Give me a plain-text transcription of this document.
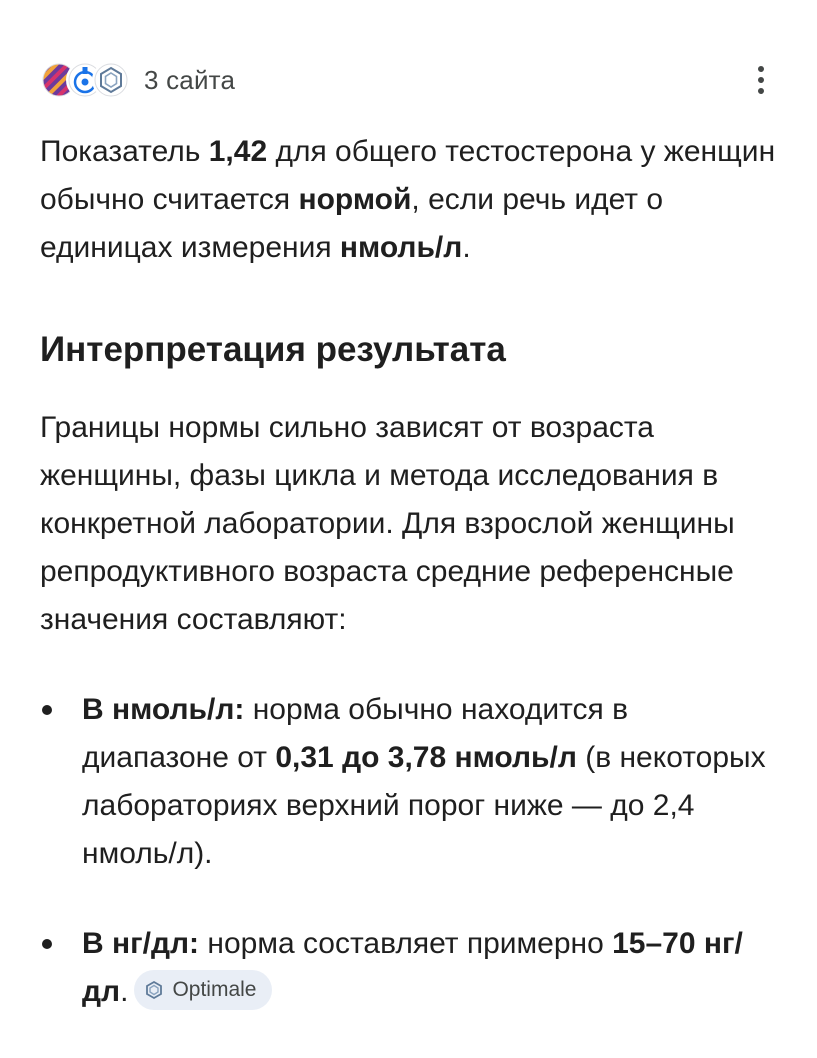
3 сайта

Показатель 1,42 для общего тестостерона у женщин обычно считается нормой, если речь идет о единицах измерения нмоль/л.

Интерпретация результата

Границы нормы сильно зависят от возраста женщины, фазы цикла и метода исследования в конкретной лаборатории. Для взрослой женщины репродуктивного возраста средние референсные значения составляют:

В нмоль/л: норма обычно находится в диапазоне от 0,31 до 3,78 нмоль/л (в некоторых лабораториях верхний порог ниже — до 2,4 нмоль/л).
В нг/дл: норма составляет примерно 15–70 нг/дл. Optimale
